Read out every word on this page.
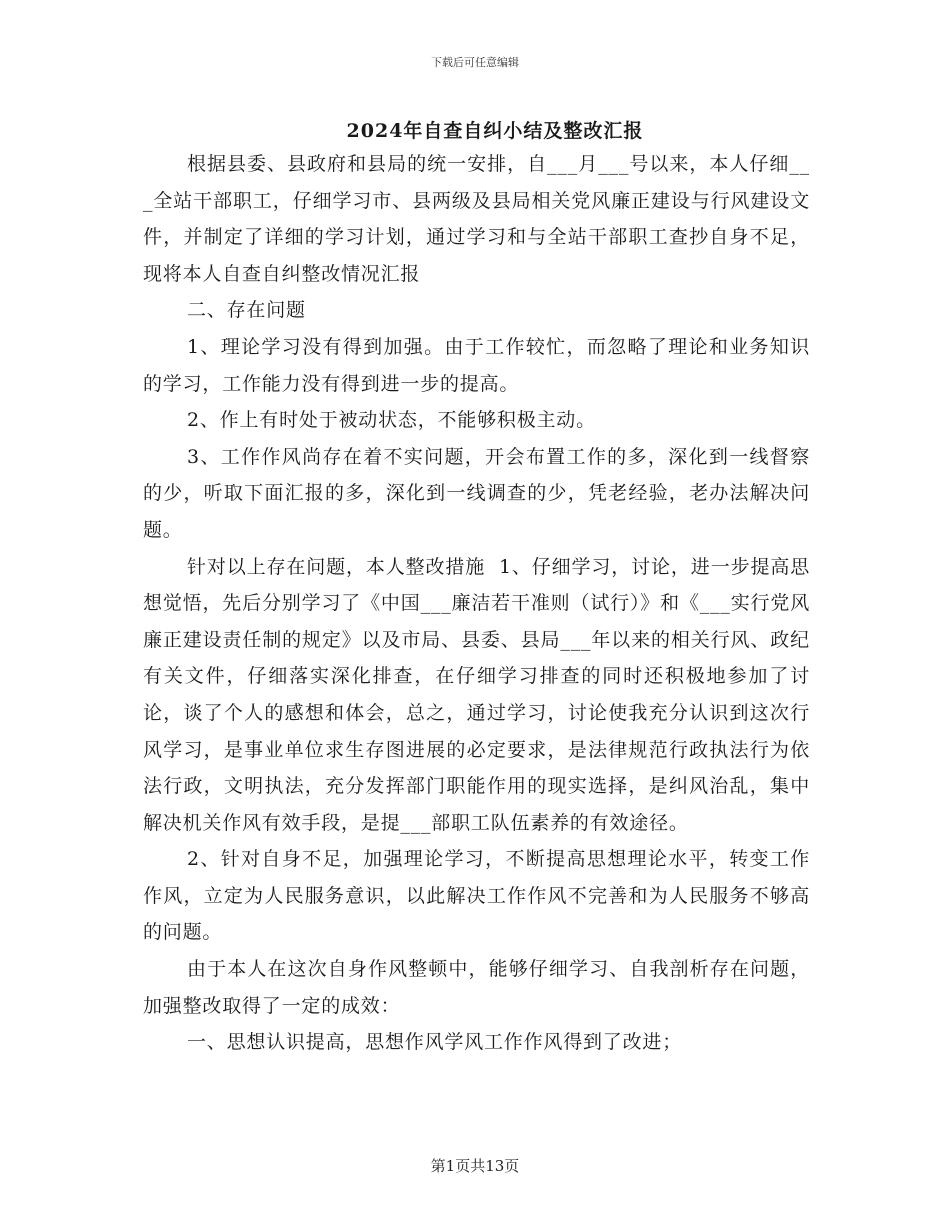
下载后可任意编辑
2024年自查自纠小结及整改汇报

根据县委、县政府和县局的统一安排，自___月___号以来，本人仔细___全站干部职工，仔细学习市、县两级及县局相关党风廉正建设与行风建设文件，并制定了详细的学习计划，通过学习和与全站干部职工查抄自身不足，现将本人自查自纠整改情况汇报

二、存在问题

1、理论学习没有得到加强。由于工作较忙，而忽略了理论和业务知识的学习，工作能力没有得到进一步的提高。

2、作上有时处于被动状态，不能够积极主动。

3、工作作风尚存在着不实问题，开会布置工作的多，深化到一线督察的少，听取下面汇报的多，深化到一线调查的少，凭老经验，老办法解决问题。

针对以上存在问题，本人整改措施  1、仔细学习，讨论，进一步提高思想觉悟，先后分别学习了《中国___廉洁若干准则（试行）》和《___实行党风廉正建设责任制的规定》以及市局、县委、县局___年以来的相关行风、政纪有关文件，仔细落实深化排查，在仔细学习排查的同时还积极地参加了讨论，谈了个人的感想和体会，总之，通过学习，讨论使我充分认识到这次行风学习，是事业单位求生存图进展的必定要求，是法律规范行政执法行为依法行政，文明执法，充分发挥部门职能作用的现实选择，是纠风治乱，集中解决机关作风有效手段，是提___部职工队伍素养的有效途径。

2、针对自身不足，加强理论学习，不断提高思想理论水平，转变工作作风，立定为人民服务意识，以此解决工作作风不完善和为人民服务不够高的问题。

由于本人在这次自身作风整顿中，能够仔细学习、自我剖析存在问题，加强整改取得了一定的成效：

一、思想认识提高，思想作风学风工作作风得到了改进；

第1页共13页
